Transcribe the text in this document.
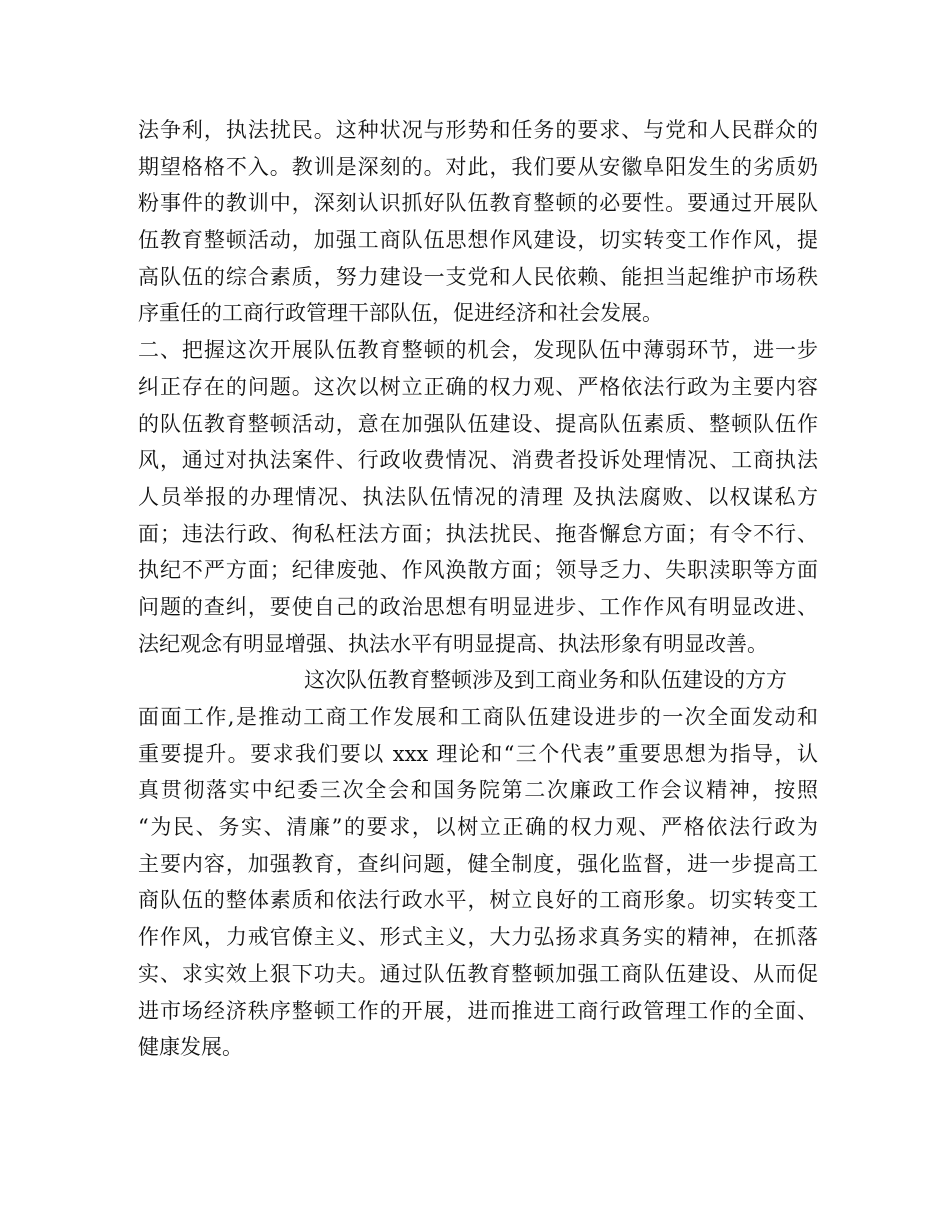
法争利，执法扰民。这种状况与形势和任务的要求、与党和人民群众的
期望格格不入。教训是深刻的。对此，我们要从安徽阜阳发生的劣质奶
粉事件的教训中，深刻认识抓好队伍教育整顿的必要性。要通过开展队
伍教育整顿活动，加强工商队伍思想作风建设，切实转变工作作风，提
高队伍的综合素质，努力建设一支党和人民依赖、能担当起维护市场秩
序重任的工商行政管理干部队伍，促进经济和社会发展。
二、把握这次开展队伍教育整顿的机会，发现队伍中薄弱环节，进一步
纠正存在的问题。这次以树立正确的权力观、严格依法行政为主要内容
的队伍教育整顿活动，意在加强队伍建设、提高队伍素质、整顿队伍作
风，通过对执法案件、行政收费情况、消费者投诉处理情况、工商执法
人员举报的办理情况、执法队伍情况的清理 及执法腐败、以权谋私方
面；违法行政、徇私枉法方面；执法扰民、拖沓懈怠方面；有令不行、
执纪不严方面；纪律废弛、作风涣散方面；领导乏力、失职渎职等方面
问题的查纠，要使自己的政治思想有明显进步、工作作风有明显改进、
法纪观念有明显增强、执法水平有明显提高、执法形象有明显改善。
这次队伍教育整顿涉及到工商业务和队伍建设的方方
面面工作,是推动工商工作发展和工商队伍建设进步的一次全面发动和
重要提升。要求我们要以 xxx 理论和“三个代表”重要思想为指导，认
真贯彻落实中纪委三次全会和国务院第二次廉政工作会议精神，按照
“为民、务实、清廉”的要求，以树立正确的权力观、严格依法行政为
主要内容，加强教育，查纠问题，健全制度，强化监督，进一步提高工
商队伍的整体素质和依法行政水平，树立良好的工商形象。切实转变工
作作风，力戒官僚主义、形式主义，大力弘扬求真务实的精神，在抓落
实、求实效上狠下功夫。通过队伍教育整顿加强工商队伍建设、从而促
进市场经济秩序整顿工作的开展，进而推进工商行政管理工作的全面、
健康发展。
